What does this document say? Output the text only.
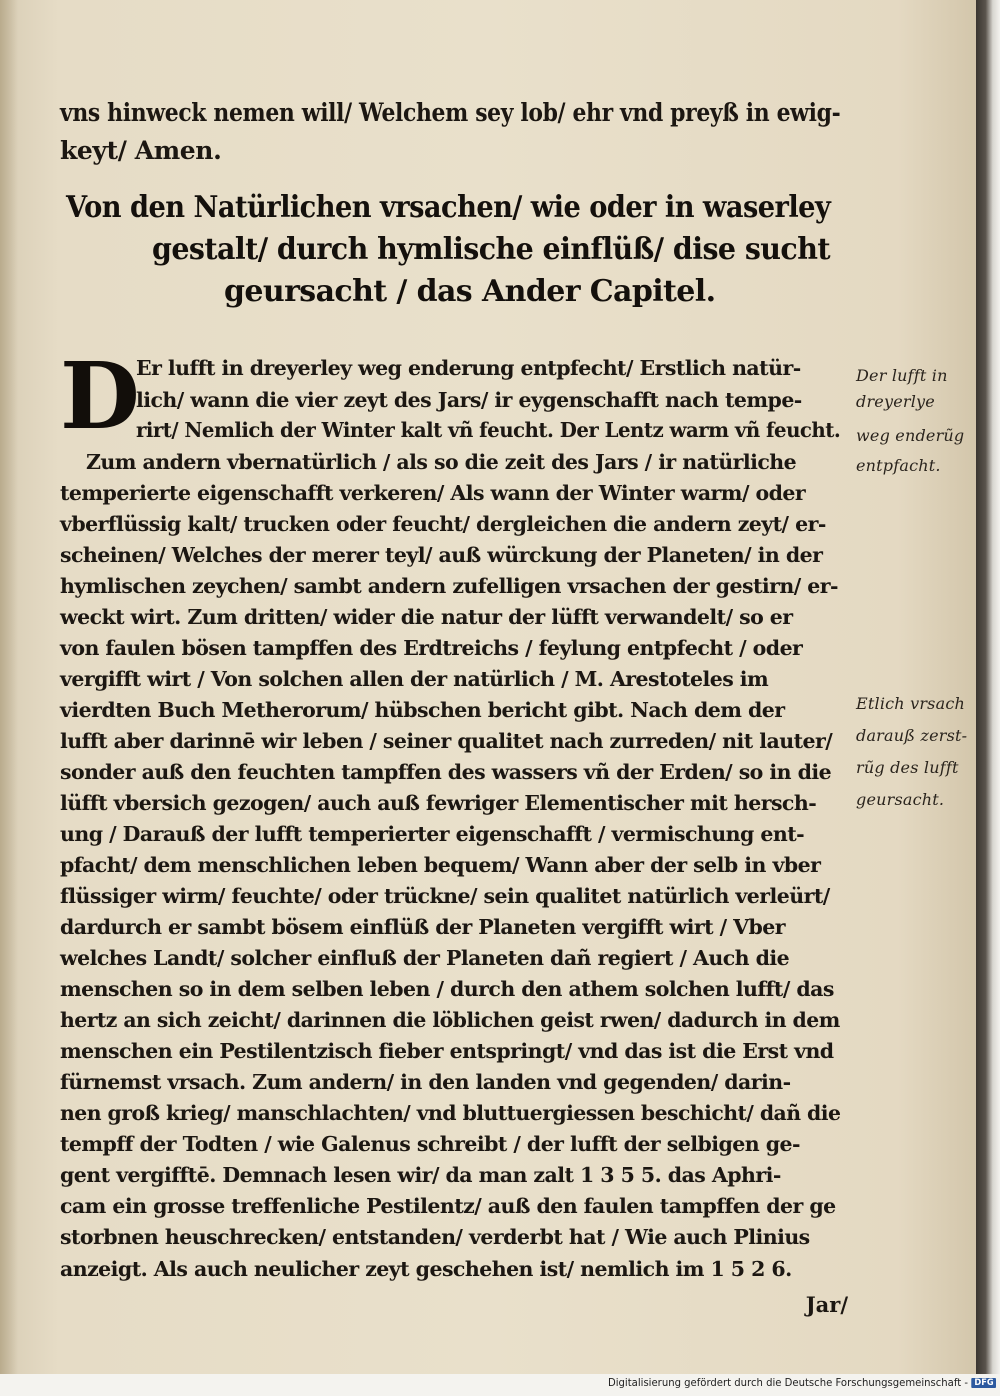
vns hinweck nemen will/ Welchem sey lob/ ehr vnd preyß in ewig-
keyt/ Amen.
Von den Natürlichen vrsachen/ wie oder in waserley
gestalt/ durch hymlische einflüß/ dise sucht
geursacht / das Ander Capitel.
D
Er lufft in dreyerley weg enderung entpfecht/ Erstlich natür-
lich/ wann die vier zeyt des Jars/ ir eygenschafft nach tempe-
rirt/ Nemlich der Winter kalt vñ feucht. Der Lentz warm vñ feucht.
Zum andern vbernatürlich / als so die zeit des Jars / ir natürliche
temperierte eigenschafft verkeren/ Als wann der Winter warm/ oder
vberflüssig kalt/ trucken oder feucht/ dergleichen die andern zeyt/ er-
scheinen/ Welches der merer teyl/ auß würckung der Planeten/ in der
hymlischen zeychen/ sambt andern zufelligen vrsachen der gestirn/ er-
weckt wirt. Zum dritten/ wider die natur der lüfft verwandelt/ so er
von faulen bösen tampffen des Erdtreichs / feylung entpfecht / oder
vergifft wirt / Von solchen allen der natürlich / M. Arestoteles im
vierdten Buch Metherorum/ hübschen bericht gibt. Nach dem der
lufft aber darinnē wir leben / seiner qualitet nach zurreden/ nit lauter/
sonder auß den feuchten tampffen des wassers vñ der Erden/ so in die
lüfft vbersich gezogen/ auch auß fewriger Elementischer mit hersch-
ung / Darauß der lufft temperierter eigenschafft / vermischung ent-
pfacht/ dem menschlichen leben bequem/ Wann aber der selb in vber
flüssiger wirm/ feuchte/ oder trückne/ sein qualitet natürlich verleürt/
dardurch er sambt bösem einflüß der Planeten vergifft wirt / Vber
welches Landt/ solcher einfluß der Planeten dañ regiert / Auch die
menschen so in dem selben leben / durch den athem solchen lufft/ das
hertz an sich zeicht/ darinnen die löblichen geist rwen/ dadurch in dem
menschen ein Pestilentzisch fieber entspringt/ vnd das ist die Erst vnd
fürnemst vrsach. Zum andern/ in den landen vnd gegenden/ darin-
nen groß krieg/ manschlachten/ vnd bluttuergiessen beschicht/ dañ die
tempff der Todten / wie Galenus schreibt / der lufft der selbigen ge-
gent vergifftē. Demnach lesen wir/ da man zalt 1 3 5 5. das Aphri-
cam ein grosse treffenliche Pestilentz/ auß den faulen tampffen der ge
storbnen heuschrecken/ entstanden/ verderbt hat / Wie auch Plinius
anzeigt. Als auch neulicher zeyt geschehen ist/ nemlich im 1 5 2 6.
Jar/
Der lufft in
dreyerlye
weg enderũg
entpfacht.
Etlich vrsach
darauß zerst-
rũg des lufft
geursacht.
Digitalisierung gefördert durch die Deutsche Forschungsgemeinschaft - DFG
